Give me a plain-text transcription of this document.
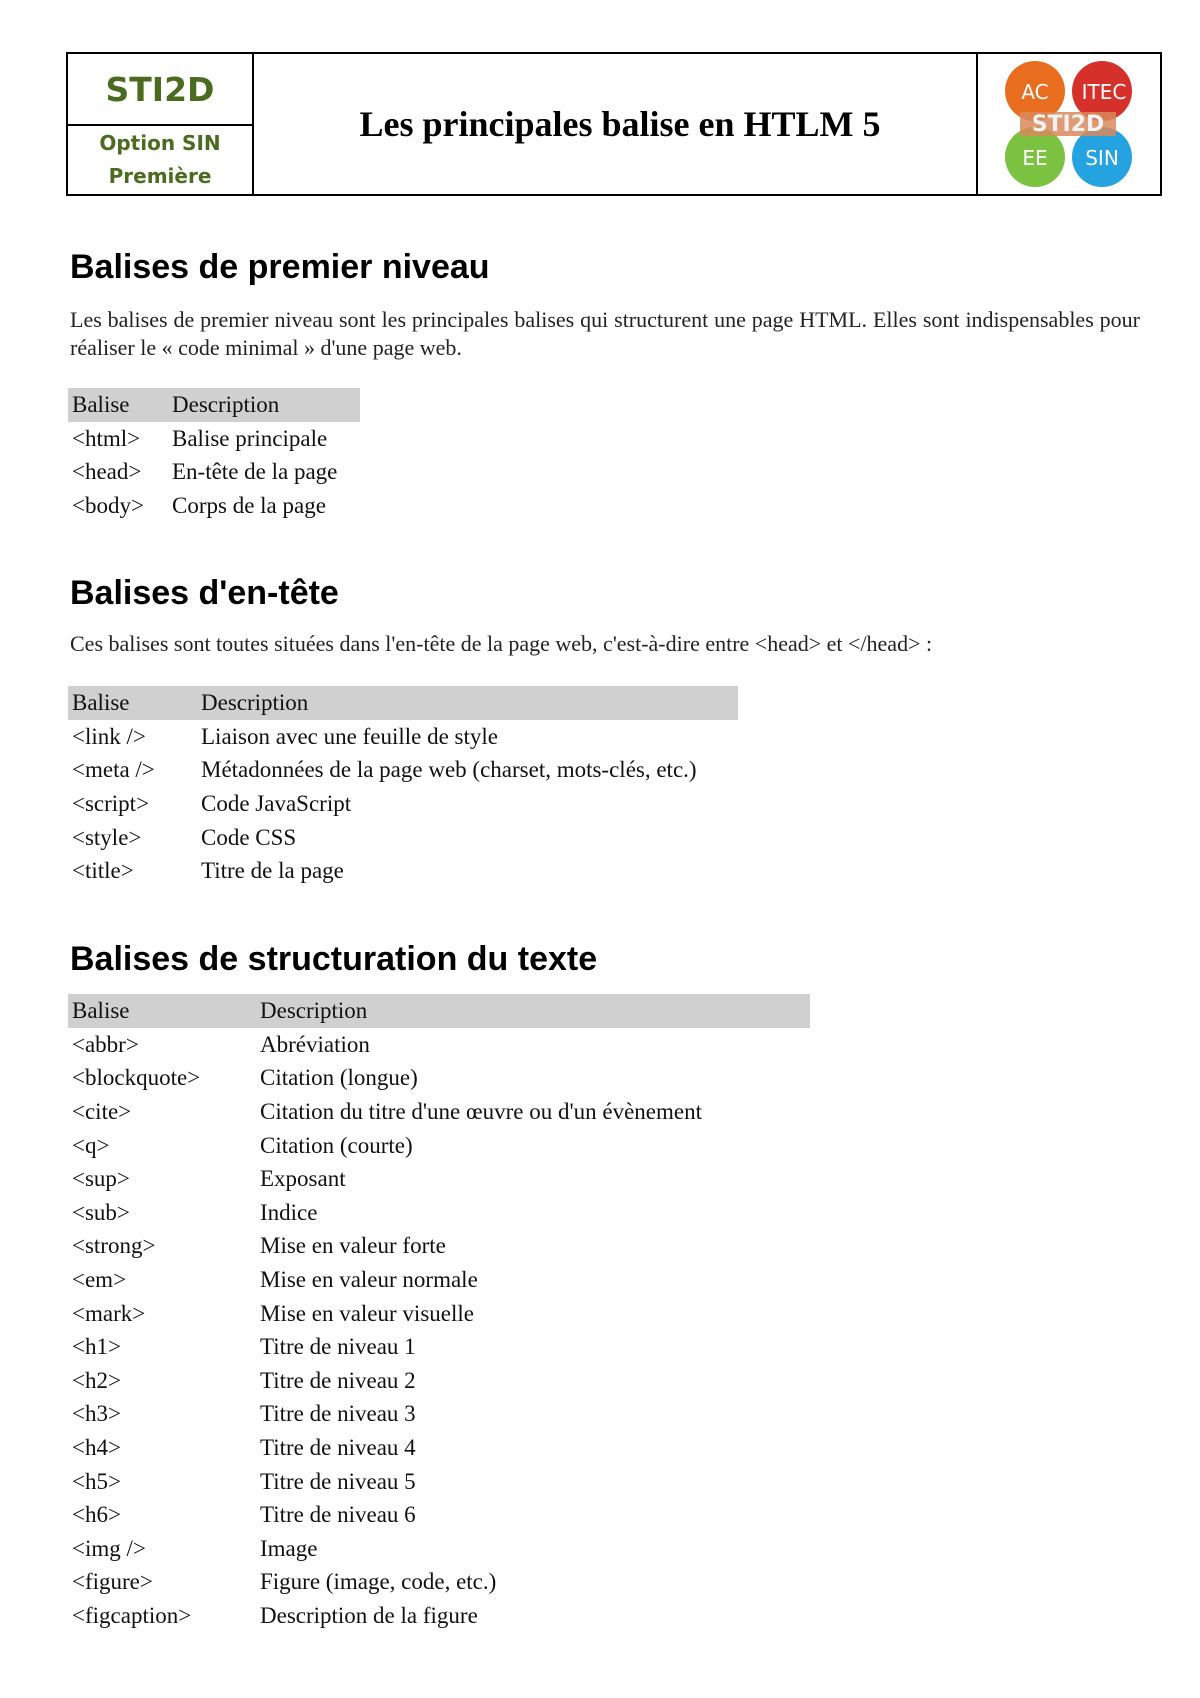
STI2D
Option SIN
Première
Les principales balise en HTLM 5	STI2D
AC ITEC
EE SIN
Balises de premier niveau

Les balises de premier niveau sont les principales balises qui structurent une page HTML. Elles sont indispensables pour réaliser le « code minimal » d'une page web.

Balise	Description
<html>	Balise principale
<head>	En-tête de la page
<body>	Corps de la page
Balises d'en-tête

Ces balises sont toutes situées dans l'en-tête de la page web, c'est-à-dire entre <head> et </head> :

Balise	Description
<link />	Liaison avec une feuille de style
<meta />	Métadonnées de la page web (charset, mots-clés, etc.)
<script>	Code JavaScript
<style>	Code CSS
<title>	Titre de la page
Balises de structuration du texte
Balise	Description
<abbr>	Abréviation
<blockquote>	Citation (longue)
<cite>	Citation du titre d'une œuvre ou d'un évènement
<q>	Citation (courte)
<sup>	Exposant
<sub>	Indice
<strong>	Mise en valeur forte
<em>	Mise en valeur normale
<mark>	Mise en valeur visuelle
<h1>	Titre de niveau 1
<h2>	Titre de niveau 2
<h3>	Titre de niveau 3
<h4>	Titre de niveau 4
<h5>	Titre de niveau 5
<h6>	Titre de niveau 6
<img />	Image
<figure>	Figure (image, code, etc.)
<figcaption>	Description de la figure
